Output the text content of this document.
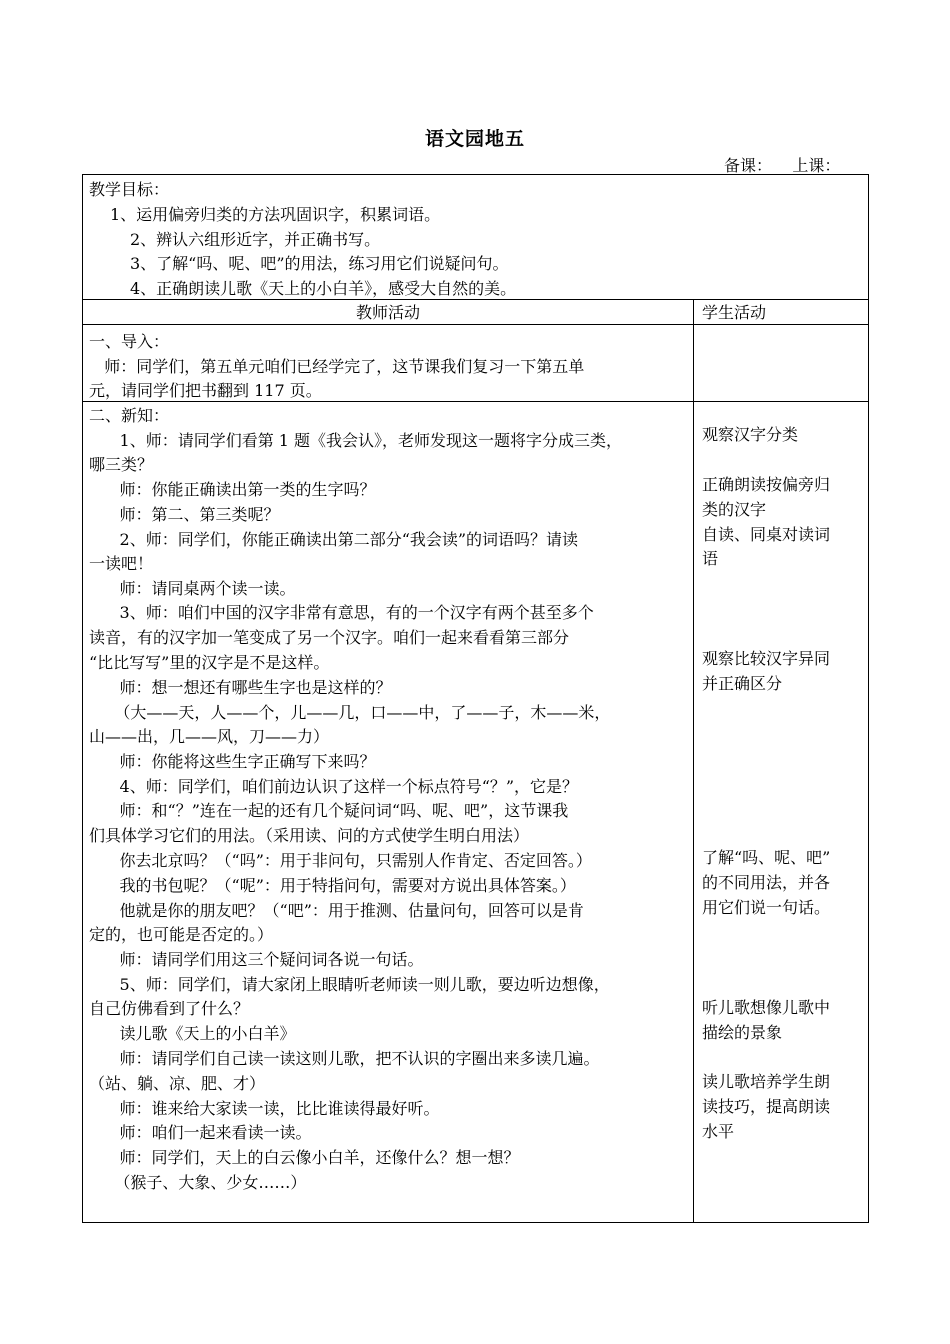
语文园地五
备课：    上课：
教学目标：
1、运用偏旁归类的方法巩固识字，积累词语。
2、辨认六组形近字，并正确书写。
3、了解“吗、呢、吧”的用法，练习用它们说疑问句。
4、正确朗读儿歌《天上的小白羊》，感受大自然的美。
教师活动	学生活动
一、导入：
师：同学们，第五单元咱们已经学完了，这节课我们复习一下第五单
元，请同学们把书翻到 117 页。
二、新知：
1、师：请同学们看第 1 题《我会认》，老师发现这一题将字分成三类，
哪三类？
师：你能正确读出第一类的生字吗？
师：第二、第三类呢？
2、师：同学们，你能正确读出第二部分“我会读”的词语吗？请读
一读吧！
师：请同桌两个读一读。
3、师：咱们中国的汉字非常有意思，有的一个汉字有两个甚至多个
读音，有的汉字加一笔变成了另一个汉字。咱们一起来看看第三部分
“比比写写”里的汉字是不是这样。
师：想一想还有哪些生字也是这样的？
（大——天，人——个，儿——几，口——中，了——子，木——米，
山——出，几——风，刀——力）
师：你能将这些生字正确写下来吗？
4、师：同学们，咱们前边认识了这样一个标点符号“？”，它是？
师：和“？”连在一起的还有几个疑问词“吗、呢、吧”，这节课我
们具体学习它们的用法。（采用读、问的方式使学生明白用法）
你去北京吗？（“吗”：用于非问句，只需别人作肯定、否定回答。）
我的书包呢？（“呢”：用于特指问句，需要对方说出具体答案。）
他就是你的朋友吧？（“吧”：用于推测、估量问句，回答可以是肯
定的，也可能是否定的。）
师：请同学们用这三个疑问词各说一句话。
5、师：同学们，请大家闭上眼睛听老师读一则儿歌，要边听边想像，
自己仿佛看到了什么？
读儿歌《天上的小白羊》
师：请同学们自己读一读这则儿歌，把不认识的字圈出来多读几遍。
（站、躺、凉、肥、才）
师：谁来给大家读一读，比比谁读得最好听。
师：咱们一起来看读一读。
师：同学们，天上的白云像小白羊，还像什么？想一想？
（猴子、大象、少女……）
观察汉字分类
正确朗读按偏旁归
类的汉字
自读、同桌对读词
语
观察比较汉字异同
并正确区分
了解“吗、呢、吧”
的不同用法，并各
用它们说一句话。
听儿歌想像儿歌中
描绘的景象
读儿歌培养学生朗
读技巧，提高朗读
水平
